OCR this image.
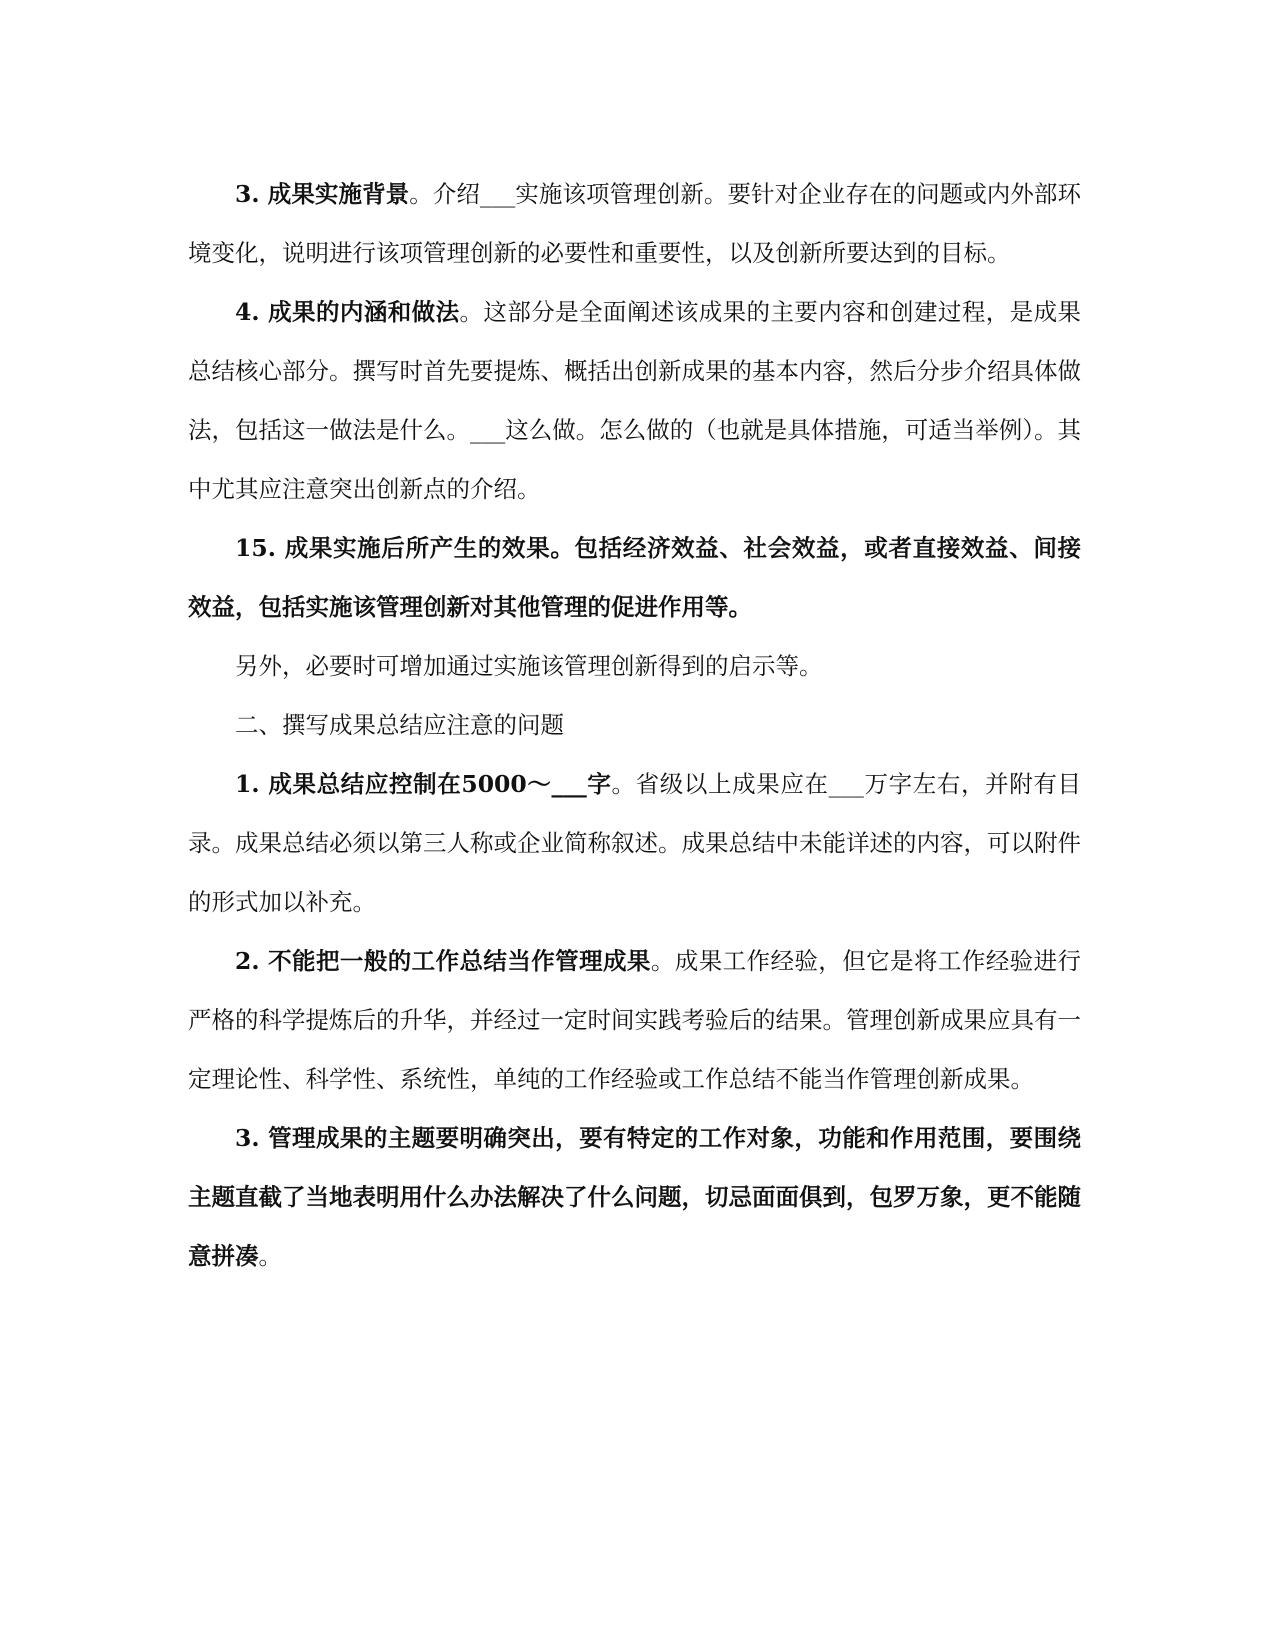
3. 成果实施背景。介绍___实施该项管理创新。要针对企业存在的问题或内外部环境变化，说明进行该项管理创新的必要性和重要性，以及创新所要达到的目标。

4. 成果的内涵和做法。这部分是全面阐述该成果的主要内容和创建过程，是成果总结核心部分。撰写时首先要提炼、概括出创新成果的基本内容，然后分步介绍具体做法，包括这一做法是什么。___这么做。怎么做的（也就是具体措施，可适当举例）。其中尤其应注意突出创新点的介绍。

15. 成果实施后所产生的效果。包括经济效益、社会效益，或者直接效益、间接效益，包括实施该管理创新对其他管理的促进作用等。

另外，必要时可增加通过实施该管理创新得到的启示等。

二、撰写成果总结应注意的问题

1. 成果总结应控制在5000～___字。省级以上成果应在___万字左右，并附有目录。成果总结必须以第三人称或企业简称叙述。成果总结中未能详述的内容，可以附件的形式加以补充。

2. 不能把一般的工作总结当作管理成果。成果工作经验，但它是将工作经验进行严格的科学提炼后的升华，并经过一定时间实践考验后的结果。管理创新成果应具有一定理论性、科学性、系统性，单纯的工作经验或工作总结不能当作管理创新成果。

3. 管理成果的主题要明确突出，要有特定的工作对象，功能和作用范围，要围绕主题直截了当地表明用什么办法解决了什么问题，切忌面面俱到，包罗万象，更不能随意拼凑。
